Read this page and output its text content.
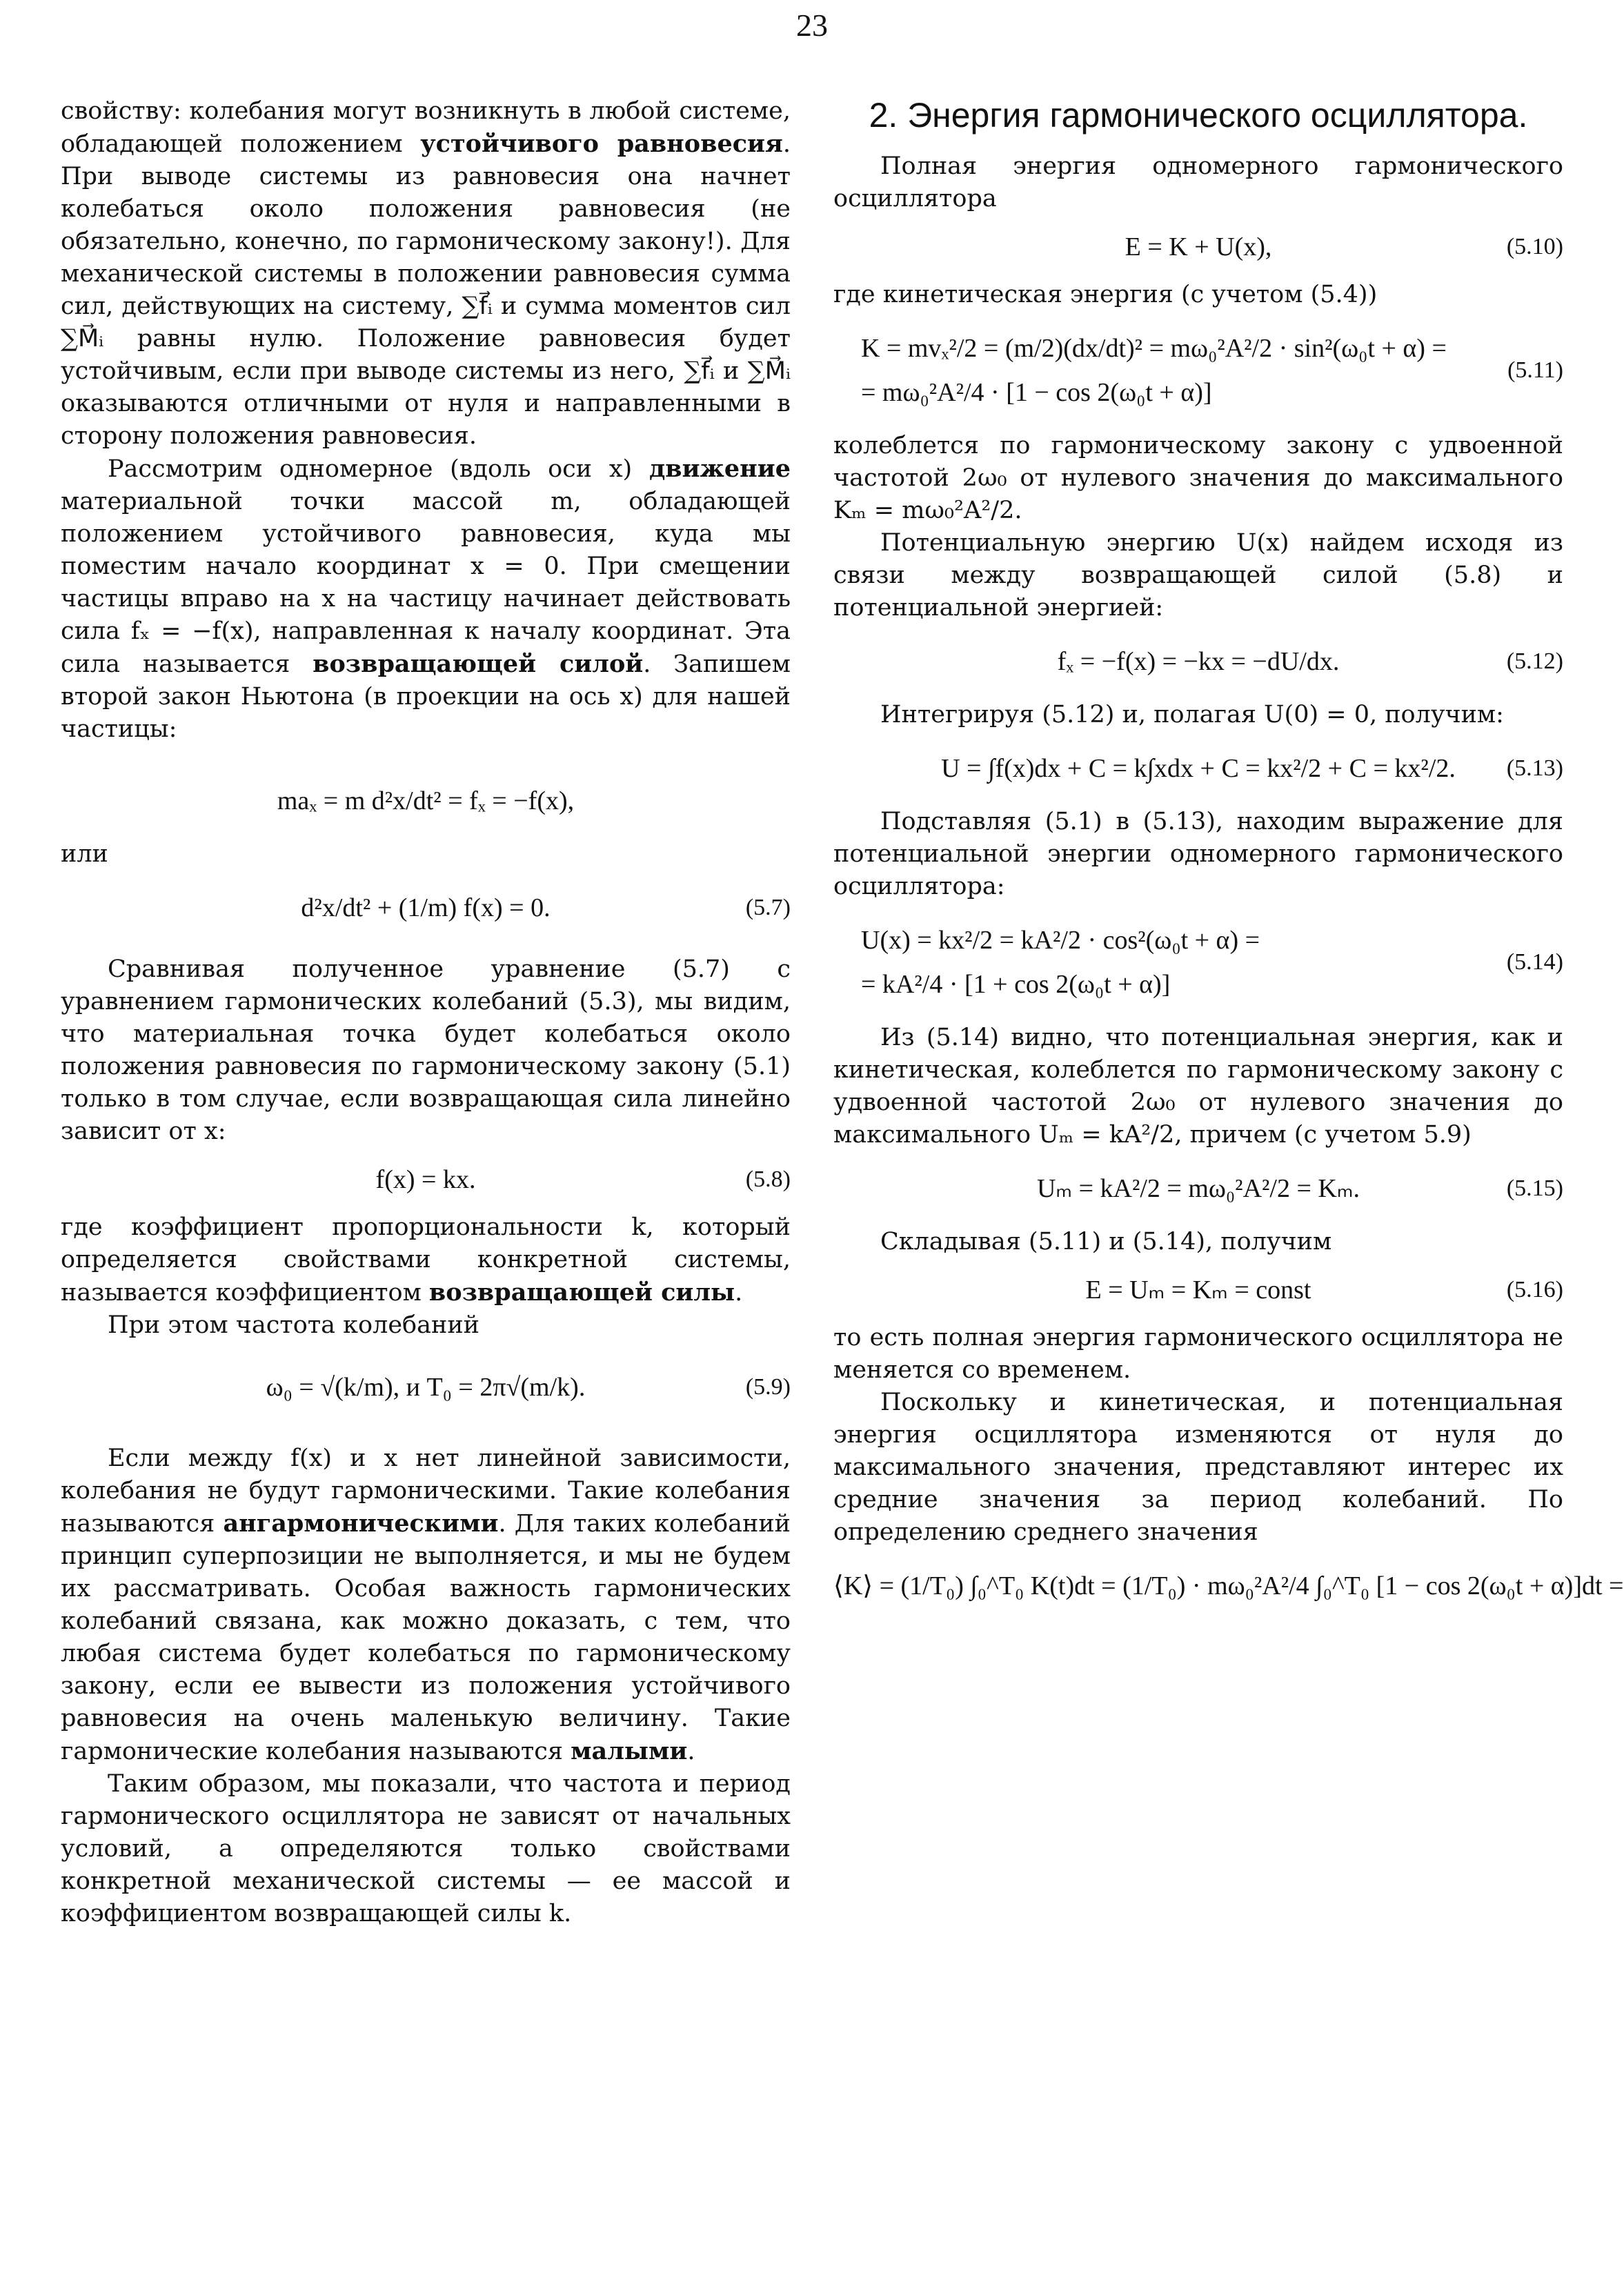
23

свойству: колебания могут возникнуть в любой системе, обладающей положением устойчивого равновесия. При выводе системы из равновесия она начнет колебаться около положения равновесия (не обязательно, конечно, по гармоническому закону!). Для механической системы в положении равновесия сумма сил, действующих на систему, ∑f⃗ᵢ и сумма моментов сил ∑M⃗ᵢ равны нулю. Положение равновесия будет устойчивым, если при выводе системы из него, ∑f⃗ᵢ и ∑M⃗ᵢ оказываются отличными от нуля и направленными в сторону положения равновесия.

Рассмотрим одномерное (вдоль оси x) движение материальной точки массой m, обладающей положением устойчивого равновесия, куда мы поместим начало координат x = 0. При смещении частицы вправо на x на частицу начинает действовать сила fₓ = −f(x), направленная к началу координат. Эта сила называется возвращающей силой. Запишем второй закон Ньютона (в проекции на ось x) для нашей частицы:

maₓ = m d²x/dt² = fₓ = −f(x),

или

d²x/dt² + (1/m) f(x) = 0.	(5.7)

Сравнивая полученное уравнение (5.7) с уравнением гармонических колебаний (5.3), мы видим, что материальная точка будет колебаться около положения равновесия по гармоническому закону (5.1) только в том случае, если возвращающая сила линейно зависит от x:

f(x) = kx.	(5.8)

где коэффициент пропорциональности k, который определяется свойствами конкретной системы, называется коэффициентом возвращающей силы.

При этом частота колебаний

ω₀ = √(k/m), и T₀ = 2π√(m/k).	(5.9)

Если между f(x) и x нет линейной зависимости, колебания не будут гармоническими. Такие колебания называются ангармоническими. Для таких колебаний принцип суперпозиции не выполняется, и мы не будем их рассматривать. Особая важность гармонических колебаний связана, как можно доказать, с тем, что любая система будет колебаться по гармоническому закону, если ее вывести из положения устойчивого равновесия на очень маленькую величину. Такие гармонические колебания называются малыми.

Таким образом, мы показали, что частота и период гармонического осциллятора не зависят от начальных условий, а определяются только свойствами конкретной механической системы — ее массой и коэффициентом возвращающей силы k.

2. Энергия гармонического осциллятора.

Полная энергия одномерного гармонического осциллятора

E = K + U(x),	(5.10)

где кинетическая энергия (с учетом (5.4))

K = mvₓ²/2 = (m/2)(dx/dt)² = mω₀²A²/2 · sin²(ω₀t + α) =
= mω₀²A²/4 · [1 − cos 2(ω₀t + α)]
(5.11)

колеблется по гармоническому закону с удвоенной частотой 2ω₀ от нулевого значения до максимального Kₘ = mω₀²A²/2.

Потенциальную энергию U(x) найдем исходя из связи между возвращающей силой (5.8) и потенциальной энергией:

fₓ = −f(x) = −kx = −dU/dx.	(5.12)

Интегрируя (5.12) и, полагая U(0) = 0, получим:

U = ∫f(x)dx + C = k∫xdx + C = kx²/2 + C = kx²/2. (5.13)

Подставляя (5.1) в (5.13), находим выражение для потенциальной энергии одномерного гармонического осциллятора:

U(x) = kx²/2 = kA²/2 · cos²(ω₀t + α) =
= kA²/4 · [1 + cos 2(ω₀t + α)]
(5.14)

Из (5.14) видно, что потенциальная энергия, как и кинетическая, колеблется по гармоническому закону с удвоенной частотой 2ω₀ от нулевого значения до максимального Uₘ = kA²/2, причем (с учетом 5.9)

Uₘ = kA²/2 = mω₀²A²/2 = Kₘ.	(5.15)

Складывая (5.11) и (5.14), получим

E = Uₘ = Kₘ = const	(5.16)

то есть полная энергия гармонического осциллятора не меняется со временем.

Поскольку и кинетическая, и потенциальная энергия осциллятора изменяются от нуля до максимального значения, представляют интерес их средние значения за период колебаний. По определению среднего значения

⟨K⟩ = (1/T₀) ∫₀^T₀ K(t)dt = (1/T₀) · mω₀²A²/4 ∫₀^T₀ [1 − cos 2(ω₀t + α)]dt =
